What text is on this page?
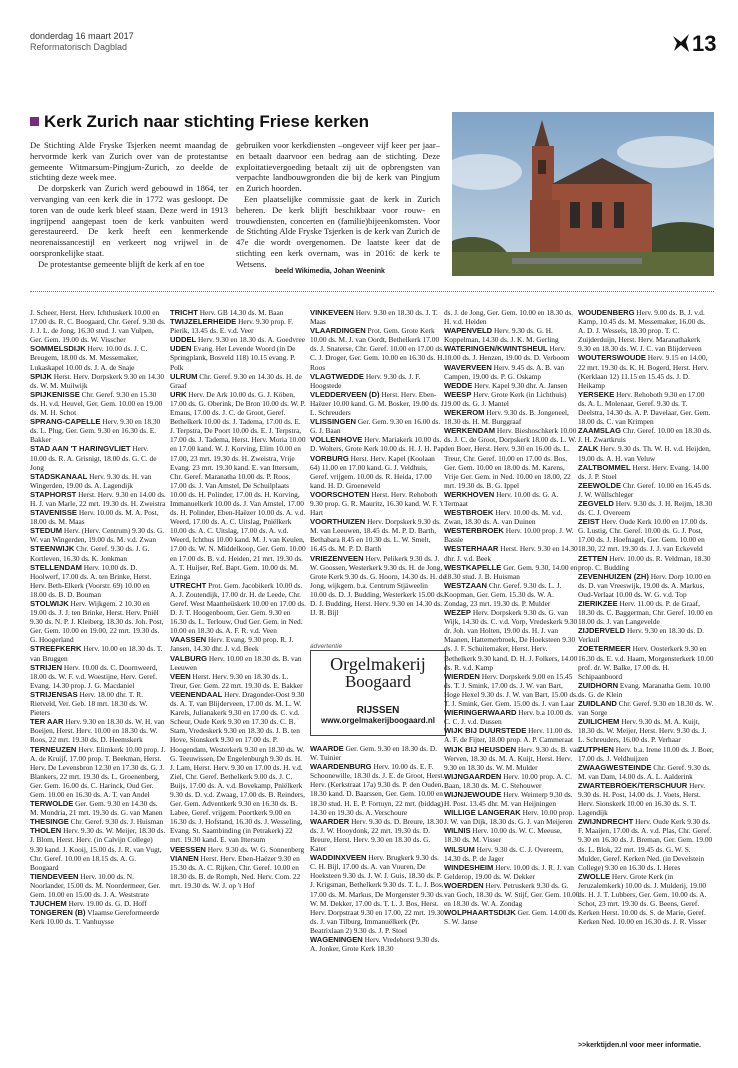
donderdag 16 maart 2017
Reformatorisch Dagblad	13
Kerk Zurich naar stichting Friese kerken

De Stichting Alde Fryske Tsjerken neemt maandag de hervormde kerk van Zurich over van de protestantse gemeente Witmarsum-Pingjum-Zurich, zo deelde de stichting deze week mee.

De dorpskerk van Zurich werd gebouwd in 1864, ter vervanging van een kerk die in 1772 was gesloopt. De toren van de oude kerk bleef staan. Deze werd in 1913 ingrijpend aangepast toen de kerk vanbuiten werd gerestaureerd. De kerk heeft een kenmerkende neorenaissancestijl en verkeert nog vrijwel in de oorspronkelijke staat.

De protestantse gemeente blijft de kerk af en toe

gebruiken voor kerkdiensten –ongeveer vijf keer per jaar– en betaalt daarvoor een bedrag aan de stichting. Deze exploitatievergoeding betaalt zij uit de opbrengsten van verpachte landbouwgronden die bij de kerk van Pingjum en Zurich hoorden.

Een plaatselijke commissie gaat de kerk in Zurich beheren. De kerk blijft beschikbaar voor rouw- en trouwdiensten, concerten en (familie)bijeenkomsten. Voor de Stichting Alde Fryske Tsjerken is de kerk van Zurich de 47e die wordt overgenomen. De laatste keer dat de stichting een kerk overnam, was in 2016: de kerk te Wetsens.

beeld Wikimedia, Johan Weenink

J. Scheer, Herst. Herv. Ichthuskerk 10.00 en 17.00 ds. R. C. Boogaard, Chr. Geref. 9.30 ds. J. J. L. de Jong, 16.30 stud. J. van Vulpen, Ger. Gem. 19.00 ds. W. Visscher

SOMMELSDIJK Herv. 10.00 ds. J. C. Breugem, 18.00 ds. M. Messemaker, Lukaskapel 10.00 ds. J. A. de Snaje

SPIJK Herst. Herv. Dorpskerk 9.30 en 14.30 ds. W. M. Muilwijk

SPIJKENISSE Chr. Geref. 9.30 en 15.30 ds. H. v.d. Heuvel, Ger. Gem. 10.00 en 19.00 ds. M. H. Schot

SPRANG-CAPELLE Herv. 9.30 en 18.30 ds. L. Plug, Ger. Gem. 9.30 en 16.30 ds. E. Bakker

STAD AAN 'T HARINGVLIET Herv. 10.00 ds. R. A. Grisnigt, 18.00 ds. G. C. de Jong

STADSKANAAL Herv. 9.30 ds. H. van Wingerden, 19.00 ds. A. Lagendijk

STAPHORST Herst. Herv. 9.30 en 14.00 ds. H. J. van Marle, 22 mrt. 19.30 ds. H. Zweistra

STAVENISSE Herv. 10.00 ds. M. A. Post, 18.00 ds. M. Maas

STEDUM Herv. (Herv. Centrum) 9.30 ds. G. W. van Wingerden, 19.00 ds. M. v.d. Zwan

STEENWIJK Chr. Geref. 9.30 ds. J. G. Kortleven, 16.30 ds. K. Jonkman

STELLENDAM Herv. 10.00 ds. D. Hoolwerf, 17.00 ds. A. ten Brinke, Herst. Herv. Beth-Elkerk (Voorstr. 69) 10.00 en 18.00 ds. B. D. Bouman

STOLWIJK Herv. Wijkgem. 2 10.30 en 19.00 ds. J. J. ten Brinke, Herst. Herv. Pniël 9.30 ds. N. P. J. Kleiberg, 18.30 ds. Joh. Post, Ger. Gem. 10.00 en 19.00, 22 mrt. 19.30 ds. G. Hoogerland

STREEFKERK Herv. 10.00 en 18.30 ds. T. van Bruggen

STRIJEN Herv. 10.00 ds. C. Doornweerd, 18.00 ds. W. F. v.d. Woestijne, Herv. Geref. Evang. 14.30 prop. J. G. Macdaniel

STRIJENSAS Herv. 18.00 dhr. T. R. Rietveld, Ver. Geb. 18 mrt. 18.30 ds. W. Pieters

TER AAR Herv. 9.30 en 18.30 ds. W. H. van Boeijen, Herst. Herv. 10.00 en 18.30 ds. W. Roos, 22 mrt. 19.30 ds. D. Heemskerk

TERNEUZEN Herv. Elimkerk 10.00 prop. J. A. de Kruijf, 17.00 prop. T. Beekman, Herst. Herv. De Levensbron 12.30 en 17.30 ds. G. J. Blankers, 22 mrt. 19.30 ds. L. Groenenberg, Ger. Gem. 16.00 ds. C. Harinck, Oud Ger. Gem. 10.00 en 16.30 ds. A. T. van Andel

TERWOLDE Ger. Gem. 9.30 en 14.30 ds. M. Mondria, 21 mrt. 19.30 ds. G. van Manen

THESINGE Chr. Geref. 9.30 ds. J. Huisman

THOLEN Herv. 9.30 ds. W. Meijer, 18.30 ds. J. Blom, Herst. Herv. (in Calvijn College) 9.30 kand. J. Kooij, 15.00 ds. J. R. van Vugt, Chr. Geref. 10.00 en 18.15 ds. A. G. Boogaard

TIENDEVEEN Herv. 10.00 ds. N. Noorlander, 15.00 ds. M. Noordermeer, Ger. Gem. 10.00 en 15.00 ds. J. A. Weststrate

TJUCHEM Herv. 19.00 ds. G. D. Hoff

TONGEREN (B) Vlaamse Gereformeerde Kerk 10.00 ds. T. Vanhuysse

TRICHT Herv. GB 14.30 ds. M. Baan

TWIJZELERHEIDE Herv. 9.30 prop. F. Pierik, 13.45 ds. E. v.d. Veer

UDDEL Herv. 9.30 en 18.30 ds. A. Goedvree

UDEN Evang. Het Levende Woord (in De Springplank, Bosveld 118) 10.15 evang. P. Polk

ULRUM Chr. Geref. 9.30 en 14.30 ds. H. de Graaf

URK Herv. De Ark 10.00 ds. G. J. Köben, 17.00 ds. G. Oberink, De Bron 10.00 ds. W. P. Emaus, 17.00 ds. J. C. de Groot, Geref. Bethelkerk 10.00 ds. J. Tadema, 17.00 ds. E. J. Terpstra, De Poort 10.00 ds. E. J. Terpstra, 17.00 ds. J. Tadema, Herst. Herv. Moria 10.00 en 17.00 kand. W. J. Korving, Elim 10.00 en 17.00, 23 mrt. 19.30 ds. H. Zweistra, Vrije Evang. 23 mrt. 19.30 kand. E. van Ittersum, Chr. Geref. Maranatha 10.00 ds. P. Roos, 17.00 ds. J. Van Amstel, De Schuilplaats 10.00 ds. H. Polinder, 17.00 ds. H. Korving, Immanuelkerk 10.00 ds. J. Van Amstel, 17.00 ds. H. Polinder, Eben-Haëzer 10.00 ds. A. v.d. Weerd, 17.00 ds. A. C. Uitslag, Pniëlkerk 10.00 ds. A. C. Uitslag, 17.00 ds. A. v.d. Weerd, Ichthus 10.00 kand. M. J. van Keulen, 17.00 ds. W. N. Middelkoop, Ger. Gem. 10.00 en 17.00 ds. B. v.d. Heiden, 21 mrt. 19.30 ds. A. T. Huijser, Ref. Bapt. Gem. 10.00 ds. M. Ezinga

UTRECHT Prot. Gem. Jacobikerk 10.00 ds. A. J. Zoutendijk, 17.00 dr. H. de Leede, Chr. Geref. West Maattheüskerk 10.00 en 17.00 ds. D. J. T. Hoogenboom, Ger. Gem. 9.30 en 16.30 ds. L. Terlouw, Oud Ger. Gem. in Ned. 10.00 en 18.30 ds. A. F. R. v.d. Veen

VAASSEN Herv. Evang. 9.30 prop. R. J. Jansen, 14.30 dhr. J. v.d. Beek

VALBURG Herv. 10.00 en 18.30 ds. B. van Leeuwen

VEEN Herst. Herv. 9.30 en 18.30 ds. L. Treur, Ger. Gem. 22 mrt. 19.30 ds. E. Bakker

VEENENDAAL Herv. Dragonder-Oost 9.30 ds. A. T. van Blijderveen, 17.00 ds. M. L. W. Karels, Julianakerk 9.30 en 17.00 ds. C. v.d. Scheur, Oude Kerk 9.30 en 17.30 ds. C. B. Stam, Vredeskerk 9.30 en 18.30 ds. J. B. ten Hove, Sionskerk 9.30 en 17.00 ds. P. Hoogendam, Westerkerk 9.30 en 18.30 ds. W. G. Teeuwissen, De Engelenburgh 9.30 ds. H. J. Lam, Herst. Herv. 9.30 en 17.00 ds. H. v.d. Ziel, Chr. Geref. Bethelkerk 9.00 ds. J. C. Buijs, 17.00 ds. A. v.d. Bovekamp, Pniëlkerk 9.30 ds. D. v.d. Zwaag, 17.00 ds. B. Reinders, Ger. Gem. Adventkerk 9.30 en 16.30 ds. B. Labee, Geref. vrijgem. Poortkerk 9.00 en 16.30 ds. J. Hofstand, 16.30 ds. J. Wesseling, Evang. St. Saambinding (in Petrakerk) 22 mrt. 19.30 kand. E. van Ittersum

VEESSEN Herv. 9.30 ds. W. G. Sonnenberg

VIANEN Herst. Herv. Eben-Haëzer 9.30 en 15.30 ds. A. C. Rijken, Chr. Geref. 10.00 en 18.30 ds. B. de Romph, Ned. Herv. Com. 22 mrt. 19.30 ds. W. J. op 't Hof

VINKEVEEN Herv. 9.30 en 18.30 ds. J. T. Maas

VLAARDINGEN Prot. Gem. Grote Kerk 10.00 ds. M. J. van Oordt, Bethelkerk 17.00 ds. J. Snaterse, Chr. Geref. 10.00 en 17.00 ds. C. J. Droger, Ger. Gem. 10.00 en 16.30 ds. H. Roos

VLAGTWEDDE Herv. 9.30 ds. J. F. Hoogstede

VLEDDERVEEN (D) Herst. Herv. Eben-Haëzer 10.00 kand. G. M. Bosker, 19.00 ds. J. L. Schreuders

VLISSINGEN Ger. Gem. 9.30 en 16.00 ds. G. J. Baan

VOLLENHOVE Herv. Mariakerk 10.00 ds. D. Wolters, Grote Kerk 10.00 ds. H. J. H. Pap

VORBURG Herst. Herv. Kapel (Koolaan 64) 11.00 en 17.00 kand. G. J. Veldhuis, Geref. vrijgem. 10.00 ds. R. Heida, 17.00 kand. H. D. Groeneveld

VOORSCHOTEN Herst. Herv. Rehoboth 9.30 prop. G. R. Mauritz, 16.30 kand. W. F. 't Hart

VOORTHUIZEN Herv. Dorpskerk 9.30 ds. M. van Leeuwen, 18.45 ds. M. P. D. Barth, Bethabara 8.45 en 10.30 ds. L. W. Smelt, 16.45 ds. M. P. D. Barth

VRIEZENVEEN Herv. Pelikerk 9.30 ds. J. W. Goossen, Westerkerk 9.30 ds. H. de Jong, Grote Kerk 9.30 ds. G. Hoorn, 14.30 ds. H. de Jong, wijkgem. b.a. Centrum Stjäweelin 10.00 ds. D. J. Budding, Westerkerk 15.00 ds. D. J. Budding, Herst. Herv. 9.30 en 14.30 ds. IJ. R. Bijl

advertentie
Orgelmakerij
Boogaard
RIJSSEN
www.orgelmakerijboogaard.nl

WAARDE Ger. Gem. 9.30 en 18.30 ds. D. W. Tuinier

WAARDENBURG Herv. 10.00 ds. E. F. Schoonewille, 18.30 ds. J. E. de Groot, Herst. Herv. (Kerkstraat 17a) 9.30 ds. P. den Ouden, 18.30 kand. D. Baarssen, Ger. Gem. 10.00 en 18.30 stud. H. E. P. Fortuyn, 22 mrt. (biddag) 14.30 en 19.30 ds. A. Verschoure

WAARDER Herv. 9.30 ds. D. Breure, 18.30 ds. J. W. Hooydonk, 22 mrt. 19.30 ds. D. Breure, Herst. Herv. 9.30 en 18.30 ds. G. Kater

WADDINXVEEN Herv. Brugkerk 9.30 ds. C. H. Bijl, 17.00 ds. A. van Vuuren, De Hoeksteen 9.30 ds. J. W. J. Guis, 18.30 ds. P. J. Krigsman, Bethelkerk 9.30 ds. T. L. J. Bos, 17.00 ds. M. Markus, De Morgenster 9.30 ds. W. M. Dekker, 17.00 ds. T. L. J. Bos, Herst. Herv. Dorpstraat 9.30 en 17.00, 22 mrt. 19.30 ds. J. van Tilburg, Immanuëlkerk (Pr. Beatrixlaan 2) 9.30 ds. J. P. Stoel

WAGENINGEN Herv. Vredehorst 9.30 ds. A. Jonker, Grote Kerk 18.30

ds. J. de Jong, Ger. Gem. 10.00 en 18.30 ds. H. v.d. Heiden

WAPENVELD Herv. 9.30 ds. G. H. Koppelman, 14.30 ds. J. K. M. Gerling

WATERINGEN/KWINTSHEUL Herv. 10.00 ds. J. Henzen, 19.00 ds. D. Verboom

WAVERVEEN Herv. 9.45 ds. A. B. van Campen, 19.00 ds. P. G. Oskamp

WEDDE Herv. Kapel 9.30 dhr. A. Jansen

WEESP Herv. Grote Kerk (in Lichthuis) 19.00 ds. G. J. Mantel

WEKEROM Herv. 9.30 ds. B. Jongeneel, 18.30 ds. H. M. Burggraaf

WERKENDAM Herv. Bieshoschkerk 10.00 ds. J. C. de Groot, Dorpskerk 18.00 ds. L. W. den Boer, Herst. Herv. 9.30 en 16.00 ds. L. Treur, Chr. Geref. 10.00 en 17.00 ds. Bos, Ger. Gem. 10.00 en 18.00 ds. M. Karens, Vrije Ger. Gem. in Ned. 10.00 en 18.00, 22 mrt. 19.30 ds. B. G. Ippel

WERKHOVEN Herv. 10.00 ds. G. A. Termaat

WESTBROEK Herv. 10.00 ds. M. v.d. Zwan, 18.30 ds. A. van Duinen

WESTERBROEK Herv. 10.00 prop. J. W. Bassie

WESTERHAAR Herst. Herv. 9.30 en 14.30 dhr. J. v.d. Beek

WESTKAPELLE Ger. Gem. 9.30, 14.00 en 18.30 stud. J. B. Huisman

WESTZAAN Chr. Geref. 9.30 ds. L. J. Koopman, Ger. Gem. 15.30 ds. W. A. Zondag, 23 mrt. 19.30 ds. P. Mulder

WEZEP Herv. Dorpskerk 9.30 ds. G. van Wijk, 14.30 ds. C. v.d. Vorp, Vredeskerk 9.30 dr. Joh. van Holten, 19.00 ds. H. J. van Maanen, Hattemerbroek, De Hoeksteen 9.30 ds. J. F. Schuitemaker, Herst. Herv. Bethelkerk 9.30 kand. D. H. J. Folkers, 14.00 ds. R. v.d. Kamp

WIERDEN Herv. Dorpskerk 9.00 en 15.45 ds. T. J. Smink, 17.00 ds. J. W. van Bart, Hoge Hexel 9.30 ds. J. W. van Bart, 15.00 ds. T. J. Smink, Ger. Gem. 15.00 ds. J. van Laar

WIERINGERWAARD Herv. b.a 10.00 ds. C. C. J. v.d. Dussen

WIJK BIJ DUURSTEDE Herv. 11.00 ds. A. F. de Fijter, 18.00 prop. A. P. Cammeraat

WIJK BIJ HEUSDEN Herv. 9.30 ds. B. van Werven, 18.30 ds. M. A. Kuijt, Herst. Herv. 9.30 en 18.30 ds. W. M. Mulder

WIJNGAARDEN Herv. 10.00 prop. A. C. Baan, 18.30 ds. M. C. Stehouwer

WIJNJEWOUDE Herv. Weinterp 9.30 ds. H. Post. 13.45 dhr. M. van Heijningen

WILLIGE LANGERAK Herv. 10.00 prop. J. W. van Dijk, 18.30 ds. G. J. van Meijeren

WILNIS Herv. 10.00 ds. W. C. Meeuse, 18.30 ds. M. Visser

WILSUM Herv. 9.30 ds. C. J. Overeem, 14.30 ds. P. de Jager

WINDESHEIM Herv. 10.00 ds. J. R. J. van Gelderop, 19.00 ds. W. Dekker

WOERDEN Herv. Petruskerk 9.30 ds. G. van Goch, 18.30 ds. W. Stijf, Ger. Gem. 10.00 en 18.30 ds. W. A. Zondag

WOLPHAARTSDIJK Ger. Gem. 14.00 ds. S. W. Janse

WOUDENBERG Herv. 9.00 ds. B. J. v.d. Kamp, 10.45 ds. M. Messemaker, 16.00 ds. A. D. J. Wessels, 18.30 prop. T. C. Zuijderduijn, Herst. Herv. Maranathakerk 9.30 en 18.30 ds. W. J. C. van Blijderveen

WOUTERSWOUDE Herv. 9.15 en 14.00, 22 mrt. 19.30 ds. K. H. Bogerd, Herst. Herv. (Kerklaan 12) 11.15 en 15.45 ds. J. D. Heikamp

YERSEKE Herv. Rehoboth 9.30 en 17.00 ds. A. L. Molenaar, Geref. 9.30 ds. T. Deelstra, 14.30 ds. A. P. Davelaar, Ger. Gem. 18.00 ds. C. van Krimpen

ZAAMSLAG Chr. Geref. 10.00 en 18.30 ds. J. H. Zwartkruis

ZALK Herv. 9.30 ds. Th. W. H. v.d. Heijden, 19.00 ds. A. H. van Veluw

ZALTBOMMEL Herst. Herv. Evang. 14.00 ds. J. P. Stoel

ZEEWOLDE Chr. Geref. 10.00 en 16.45 ds. J. W. Wüllschleger

ZEGVELD Herv. 9.30 ds. J. H. Reijm, 18.30 ds. C. J. Overeem

ZEIST Herv. Oude Kerk 10.00 en 17.00 ds. G. Lustig, Chr. Geref. 10.00 ds. G. J. Post, 17.00 ds. J. Hoefnagel, Ger. Gem. 10.00 en 18.30, 22 mrt. 19.30 ds. J. J. van Eckeveld

ZETTEN Herv. 10.00 ds. R. Veldman, 18.30 prop. C. Budding

ZEVENHUIZEN (ZH) Herv. Dorp 10.00 en ds. D. van Vreeswijk, 19.00 ds. A. Markus, Oud-Verlaat 10.00 ds. W. G. v.d. Top

ZIERIKZEE Herv. 11.00 ds. P. de Graaf, 18.30 ds. C. Baggerman, Chr. Geref. 10.00 en 18.00 ds. J. van Langevelde

ZIJDERVELD Herv. 9.30 en 18.30 ds. D. Verkuil

ZOETERMEER Herv. Oosterkerk 9.30 en 16.30 ds. E. v.d. Haam, Morgensterkerk 10.00 prof. dr. W. Balke, 17.00 ds. H. Schipaanboord

ZUIDHORN Evang. Maranatha Gem. 10.00 ds. G. de Klein

ZUIDLAND Chr. Geref. 9.30 en 18.30 ds. W. van Sorge

ZUILICHEM Herv. 9.30 ds. M. A. Kuijt, 18.30 ds. W. Meijer, Herst. Herv. 9.30 ds. J. L. Schreuders, 16.00 ds. P. Verhaar

ZUTPHEN Herv. b.a. Irene 10.00 ds. J. Boer, 17.00 ds. J. Veldhuijzen

ZWAAGWESTEINDE Chr. Geref. 9.30 ds. M. van Dam, 14.00 ds. A. L. Aalderink

ZWARTEBROEK/TERSCHUUR Herv. 9.30 ds. H. Post, 14.00 ds. J. Voets, Herst. Herv. Sionskerk 10.00 en 16.30 ds. S. T. Lagendijk

ZWIJNDRECHT Herv. Oude Kerk 9.30 ds. F. Maaijen, 17.00 ds. A. v.d. Plas, Chr. Geref. 9.30 en 16.30 ds. J. Breman, Ger. Gem. 19.00 ds. L. Blok, 22 mrt. 19.45 ds. G. W. S. Mulder, Geref. Kerken Ned. (in Develstein College) 9.30 en 16.30 ds. I. Heres

ZWOLLE Herv. Grote Kerk (in Jeruzalemkerk) 10.00 ds. J. Mulderij, 19.00 ds. H. J. T. Lubbers, Ger. Gem. 10.00 ds. A. Schot, 23 mrt. 19.30 ds. G. Beens, Geref. Kerken Herst. 10.00 ds. S. de Marie, Geref. Kerken Ned. 10.00 en 16.30 ds. J. R. Visser

>>kerktijden.nl voor meer informatie.
